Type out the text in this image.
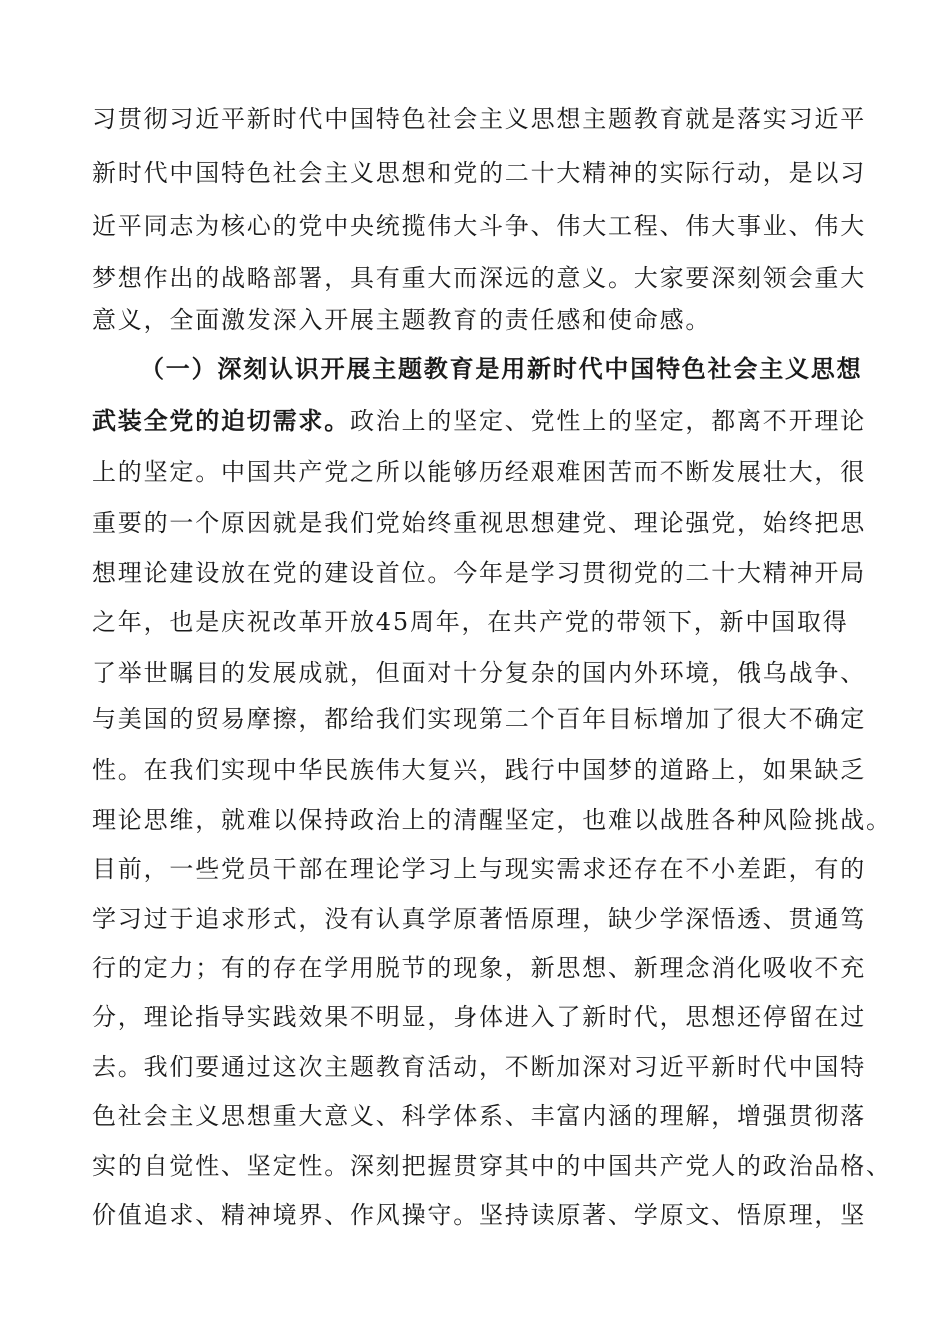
习贯彻习近平新时代中国特色社会主义思想主题教育就是落实习近平
新时代中国特色社会主义思想和党的二十大精神的实际行动，是以习
近平同志为核心的党中央统揽伟大斗争、伟大工程、伟大事业、伟大
梦想作出的战略部署，具有重大而深远的意义。大家要深刻领会重大
意义，全面激发深入开展主题教育的责任感和使命感。
（一）深刻认识开展主题教育是用新时代中国特色社会主义思想
武装全党的迫切需求。政治上的坚定、党性上的坚定，都离不开理论
上的坚定。中国共产党之所以能够历经艰难困苦而不断发展壮大，很
重要的一个原因就是我们党始终重视思想建党、理论强党，始终把思
想理论建设放在党的建设首位。今年是学习贯彻党的二十大精神开局
之年，也是庆祝改革开放45周年，在共产党的带领下，新中国取得
了举世瞩目的发展成就，但面对十分复杂的国内外环境，俄乌战争、
与美国的贸易摩擦，都给我们实现第二个百年目标增加了很大不确定
性。在我们实现中华民族伟大复兴，践行中国梦的道路上，如果缺乏
理论思维，就难以保持政治上的清醒坚定，也难以战胜各种风险挑战。
目前，一些党员干部在理论学习上与现实需求还存在不小差距，有的
学习过于追求形式，没有认真学原著悟原理，缺少学深悟透、贯通笃
行的定力；有的存在学用脱节的现象，新思想、新理念消化吸收不充
分，理论指导实践效果不明显，身体进入了新时代，思想还停留在过
去。我们要通过这次主题教育活动，不断加深对习近平新时代中国特
色社会主义思想重大意义、科学体系、丰富内涵的理解，增强贯彻落
实的自觉性、坚定性。深刻把握贯穿其中的中国共产党人的政治品格、
价值追求、精神境界、作风操守。坚持读原著、学原文、悟原理，坚
